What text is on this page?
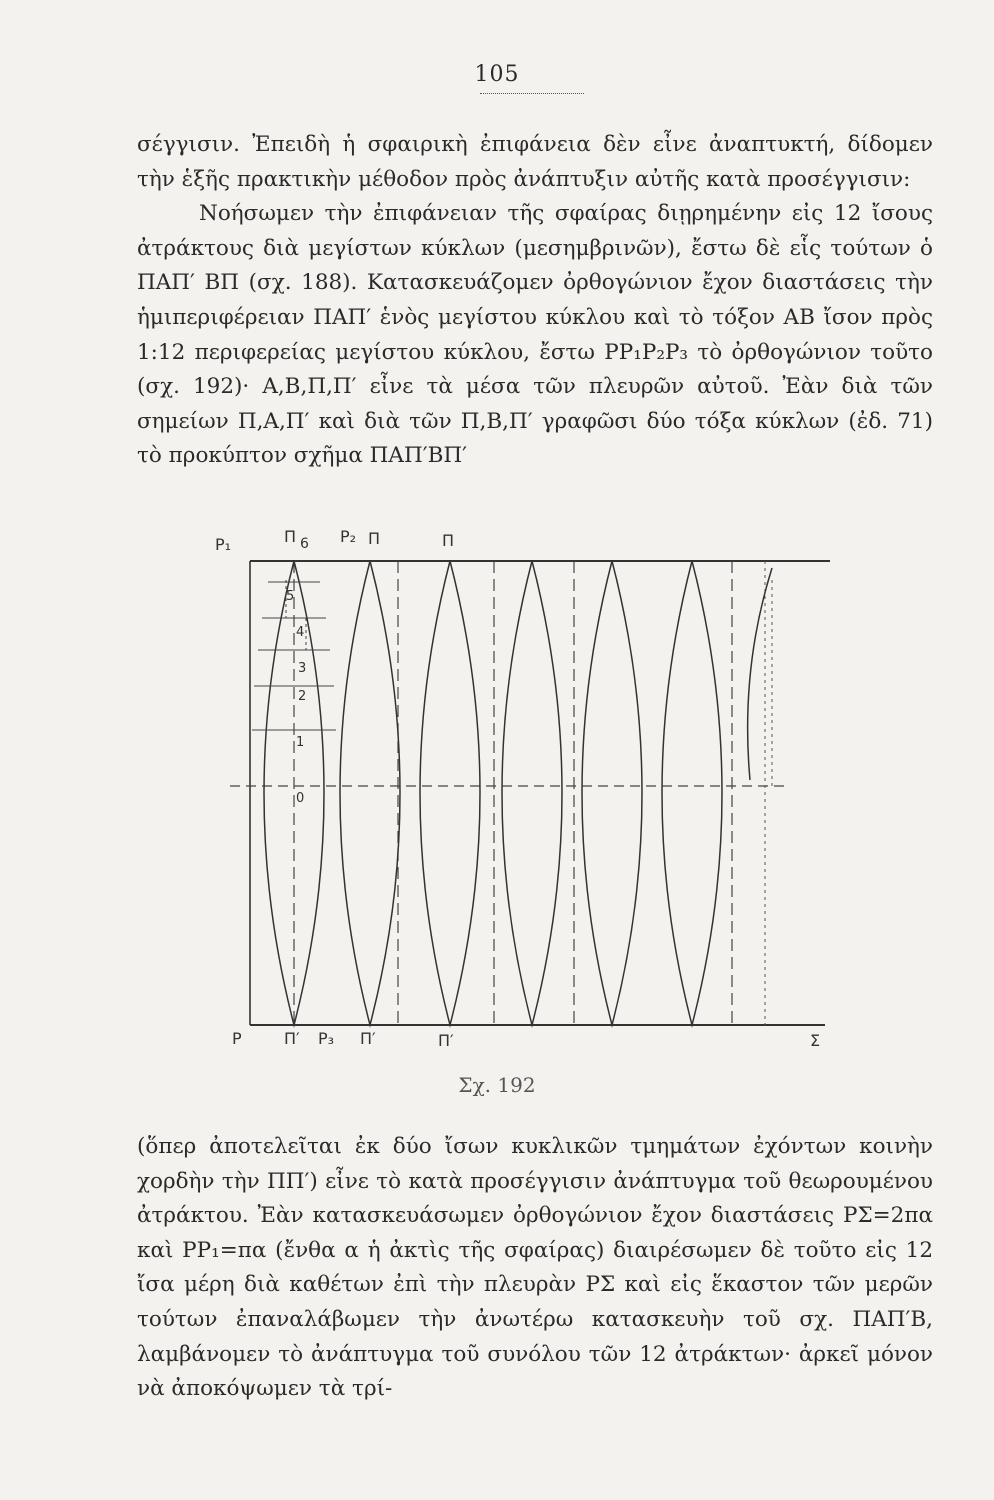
105

σέγγισιν. Ἐπειδὴ ἡ σφαιρικὴ ἐπιφάνεια δὲν εἶνε ἀναπτυκτή, δίδομεν τὴν ἑξῆς πρακτικὴν μέθοδον πρὸς ἀνάπτυξιν αὐτῆς κατὰ προσέγγισιν:

Νοήσωμεν τὴν ἐπιφάνειαν τῆς σφαίρας διῃρημένην εἰς 12 ἴσους ἀτράκτους διὰ μεγίστων κύκλων (μεσημβρινῶν), ἔστω δὲ εἷς τούτων ὁ ΠΑΠ′ ΒΠ (σχ. 188). Κατασκευάζομεν ὀρθογώνιον ἔχον διαστάσεις τὴν ἡμιπεριφέρειαν ΠΑΠ′ ἑνὸς μεγίστου κύκλου καὶ τὸ τόξον ΑΒ ἴσον πρὸς 1:12 περιφερείας μεγίστου κύκλου, ἔστω ΡΡ₁Ρ₂Ρ₃ τὸ ὀρθογώνιον τοῦτο (σχ. 192)· Α,Β,Π,Π′ εἶνε τὰ μέσα τῶν πλευρῶν αὐτοῦ. Ἐὰν διὰ τῶν σημείων Π,Α,Π′ καὶ διὰ τῶν Π,Β,Π′ γραφῶσι δύο τόξα κύκλων (ἐδ. 71) τὸ προκύπτον σχῆμα ΠΑΠ′ΒΠ′

P₁	Π 6 P₂ Π	Π
5
4
3
2
1
0
P	Π′ P₃ Π′	Π′	Σ
Σχ. 192

(ὅπερ ἀποτελεῖται ἐκ δύο ἴσων κυκλικῶν τμημάτων ἐχόντων κοινὴν χορδὴν τὴν ΠΠ′) εἶνε τὸ κατὰ προσέγγισιν ἀνάπτυγμα τοῦ θεωρουμένου ἀτράκτου. Ἐὰν κατασκευάσωμεν ὀρθογώνιον ἔχον διαστάσεις ΡΣ=2πα καὶ ΡΡ₁=πα (ἔνθα α ἡ ἀκτὶς τῆς σφαίρας) διαιρέσωμεν δὲ τοῦτο εἰς 12 ἴσα μέρη διὰ καθέτων ἐπὶ τὴν πλευρὰν ΡΣ καὶ εἰς ἕκαστον τῶν μερῶν τούτων ἐπαναλάβωμεν τὴν ἀνωτέρω κατασκευὴν τοῦ σχ. ΠΑΠ′Β, λαμβάνομεν τὸ ἀνάπτυγμα τοῦ συνόλου τῶν 12 ἀτράκτων· ἀρκεῖ μόνον νὰ ἀποκόψωμεν τὰ τρί-
